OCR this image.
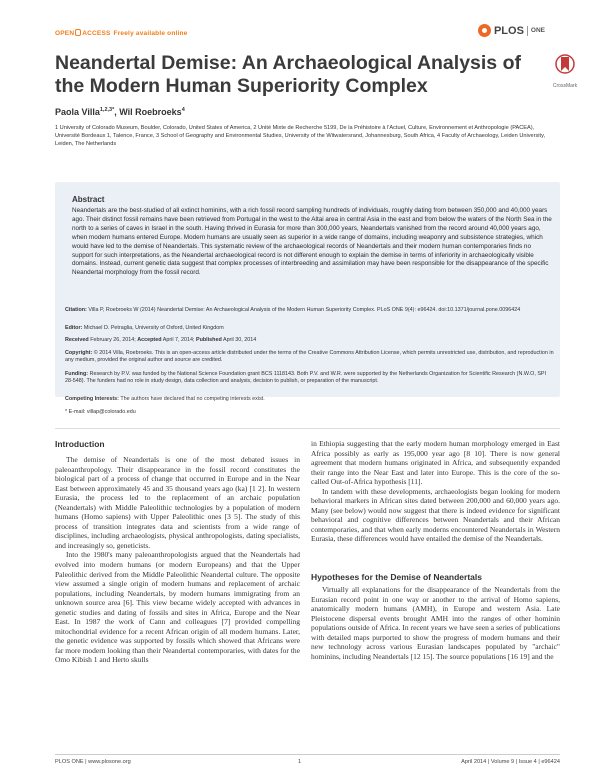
OPEN ACCESS Freely available online	PLOS ONE
Neandertal Demise: An Archaeological Analysis of the Modern Human Superiority Complex	CrossMark
Paola Villa$^{1,2,3*}$, Wil Roebroeks$^4$
1 University of Colorado Museum, Boulder, Colorado, United States of America, 2 Unité Mixte de Recherche 5199, De la Préhistoire à l'Actuel, Culture, Environnement et Anthropologie (PACEA), Université Bordeaux 1, Talence, France, 3 School of Geography and Environmental Studies, University of the Witwatersrand, Johannesburg, South Africa, 4 Faculty of Archaeology, Leiden University, Leiden, The Netherlands
Abstract
Neandertals are the best-studied of all extinct hominins, with a rich fossil record sampling hundreds of individuals, roughly dating from between 350,000 and 40,000 years ago. Their distinct fossil remains have been retrieved from Portugal in the west to the Altai area in central Asia in the east and from below the waters of the North Sea in the north to a series of caves in Israel in the south. Having thrived in Eurasia for more than 300,000 years, Neandertals vanished from the record around 40,000 years ago, when modern humans entered Europe. Modern humans are usually seen as superior in a wide range of domains, including weaponry and subsistence strategies, which would have led to the demise of Neandertals. This systematic review of the archaeological records of Neandertals and their modern human contemporaries finds no support for such interpretations, as the Neandertal archaeological record is not different enough to explain the demise in terms of inferiority in archaeologically visible domains. Instead, current genetic data suggest that complex processes of interbreeding and assimilation may have been responsible for the disappearance of the specific Neandertal morphology from the fossil record.
Citation: Villa P, Roebroeks W (2014) Neandertal Demise: An Archaeological Analysis of the Modern Human Superiority Complex. PLoS ONE 9(4): e96424. doi:10.1371/journal.pone.0096424
Editor: Michael D. Petraglia, University of Oxford, United Kingdom
Received February 26, 2014; Accepted April 7, 2014; Published April 30, 2014
Copyright: © 2014 Villa, Roebroeks. This is an open-access article distributed under the terms of the Creative Commons Attribution License, which permits unrestricted use, distribution, and reproduction in any medium, provided the original author and source are credited.
Funding: Research by P.V. was funded by the National Science Foundation grant BCS 1118143. Both P.V. and W.R. were supported by the Netherlands Organization for Scientific Research (N.W.O, SPI 28-548). The funders had no role in study design, data collection and analysis, decision to publish, or preparation of the manuscript.
Competing Interests: The authors have declared that no competing interests exist.
* E-mail: villap@colorado.edu
Introduction

The demise of Neandertals is one of the most debated issues in paleoanthropology. Their disappearance in the fossil record constitutes the biological part of a process of change that occurred in Europe and in the Near East between approximately 45 and 35 thousand years ago (ka) [1 2]. In western Eurasia, the process led to the replacement of an archaic population (Neandertals) with Middle Paleolithic technologies by a population of modern humans (Homo sapiens) with Upper Paleolithic ones [3 5]. The study of this process of transition integrates data and scientists from a wide range of disciplines, including archaeologists, physical anthropologists, dating specialists, and increasingly so, geneticists.

Into the 1980's many paleoanthropologists argued that the Neandertals had evolved into modern humans (or modern Europeans) and that the Upper Paleolithic derived from the Middle Paleolithic Neandertal culture. The opposite view assumed a single origin of modern humans and replacement of archaic populations, including Neandertals, by modern humans immigrating from an unknown source area [6]. This view became widely accepted with advances in genetic studies and dating of fossils and sites in Africa, Europe and the Near East. In 1987 the work of Cann and colleagues [7] provided compelling mitochondrial evidence for a recent African origin of all modern humans. Later, the genetic evidence was supported by fossils which showed that Africans were far more modern looking than their Neandertal contemporaries, with dates for the Omo Kibish 1 and Herto skulls

in Ethiopia suggesting that the early modern human morphology emerged in East Africa possibly as early as 195,000 year ago [8 10]. There is now general agreement that modern humans originated in Africa, and subsequently expanded their range into the Near East and later into Europe. This is the core of the so-called Out-of-Africa hypothesis [11].

In tandem with these developments, archaeologists began looking for modern behavioral markers in African sites dated between 200,000 and 60,000 years ago. Many (see below) would now suggest that there is indeed evidence for significant behavioral and cognitive differences between Neandertals and their African contemporaries, and that when early moderns encountered Neandertals in Western Eurasia, these differences would have entailed the demise of the Neandertals.

Hypotheses for the Demise of Neandertals

Virtually all explanations for the disappearance of the Neandertals from the Eurasian record point in one way or another to the arrival of Homo sapiens, anatomically modern humans (AMH), in Europe and western Asia. Late Pleistocene dispersal events brought AMH into the ranges of other hominin populations outside of Africa. In recent years we have seen a series of publications with detailed maps purported to show the progress of modern humans and their new technology across various Eurasian landscapes populated by "archaic" hominins, including Neandertals [12 15]. The source populations [16 19] and the

PLOS ONE | www.plosone.org	1	April 2014 | Volume 9 | Issue 4 | e96424
